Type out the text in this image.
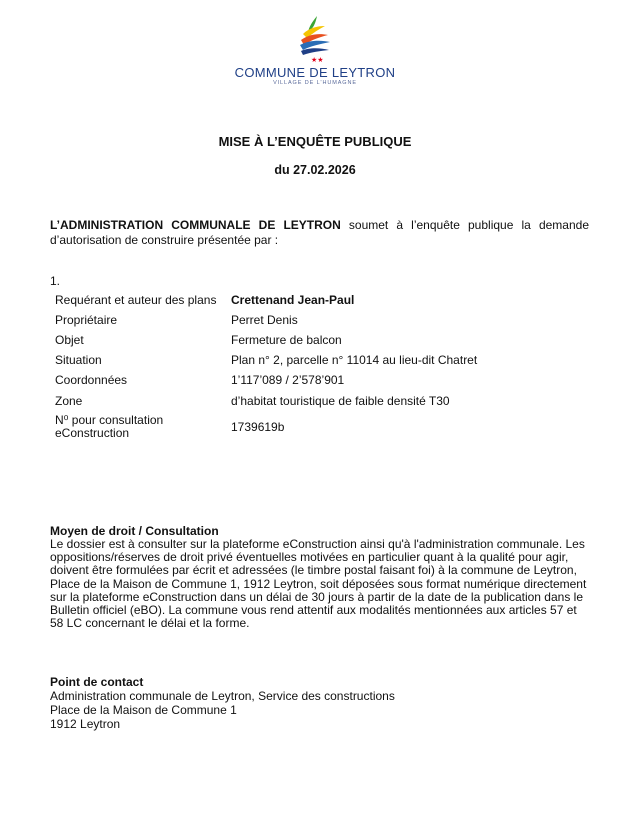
★★
COMMUNE DE LEYTRON
VILLAGE DE L'HUMAGNE
MISE À L’ENQUÊTE PUBLIQUE
du 27.02.2026

L’ADMINISTRATION COMMUNALE DE LEYTRON soumet à l’enquête publique la demande d’autorisation de construire présentée par :

1.
Requérant et auteur des plans	Crettenand Jean-Paul
Propriétaire	Perret Denis
Objet	Fermeture de balcon
Situation	Plan n° 2, parcelle n° 11014 au lieu-dit Chatret
Coordonnées	1’117’089 / 2’578’901
Zone	d’habitat touristique de faible densité T30
N⁰ pour consultation
eConstruction	1739619b

Moyen de droit / Consultation

Le dossier est à consulter sur la plateforme eConstruction ainsi qu'à l'administration communale. Les oppositions/réserves de droit privé éventuelles motivées en particulier quant à la qualité pour agir, doivent être formulées par écrit et adressées (le timbre postal faisant foi) à la commune de Leytron, Place de la Maison de Commune 1, 1912 Leytron, soit déposées sous format numérique directement sur la plateforme eConstruction dans un délai de 30 jours à partir de la date de la publication dans le Bulletin officiel (eBO). La commune vous rend attentif aux modalités mentionnées aux articles 57 et 58 LC concernant le délai et la forme.

Point de contact

Administration communale de Leytron, Service des constructions
Place de la Maison de Commune 1
1912 Leytron
